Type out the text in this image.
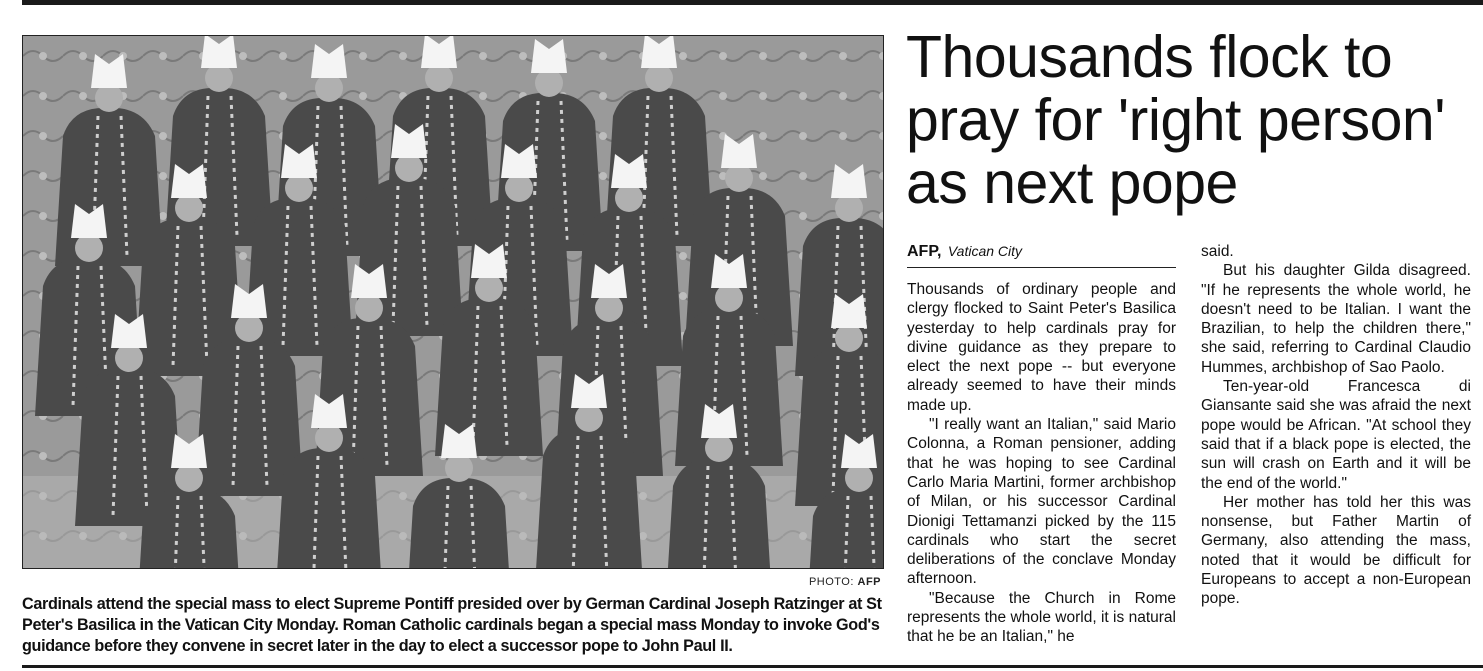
PHOTO: AFP
Cardinals attend the special mass to elect Supreme Pontiff presided over by German Cardinal Joseph Ratzinger at St Peter's Basilica in the Vatican City Monday. Roman Catholic cardinals began a special mass Monday to invoke God's guidance before they convene in secret later in the day to elect a successor pope to John Paul II.
Thousands flock to pray for 'right person' as next pope
AFP, Vatican City

Thousands of ordinary people and clergy flocked to Saint Peter's Basilica yesterday to help cardinals pray for divine guidance as they prepare to elect the next pope -- but everyone already seemed to have their minds made up.

"I really want an Italian," said Mario Colonna, a Roman pensioner, adding that he was hoping to see Cardinal Carlo Maria Martini, former archbishop of Milan, or his successor Cardinal Dionigi Tettamanzi picked by the 115 cardinals who start the secret deliberations of the conclave Monday afternoon.

"Because the Church in Rome represents the whole world, it is natural that he be an Italian," he

said.

But his daughter Gilda disagreed. "If he represents the whole world, he doesn't need to be Italian. I want the Brazilian, to help the children there," she said, referring to Cardinal Claudio Hummes, archbishop of Sao Paolo.

Ten-year-old Francesca di Giansante said she was afraid the next pope would be African. "At school they said that if a black pope is elected, the sun will crash on Earth and it will be the end of the world."

Her mother has told her this was nonsense, but Father Martin of Germany, also attending the mass, noted that it would be difficult for Europeans to accept a non-European pope.
